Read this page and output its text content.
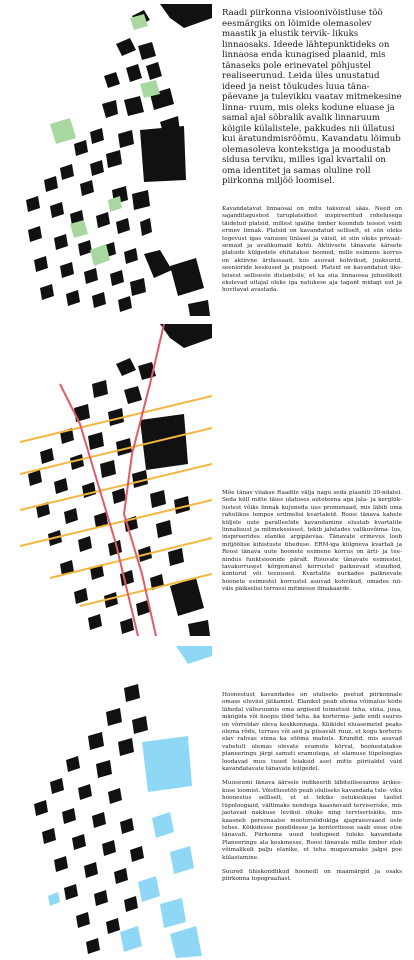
Raadi piirkonna visioonivõistluse töö eesmärgiks on lõimide olemasolev maastik ja elustik tervik- likuks linnaosaks. Ideede lähtepunktideks on linnaosa enda kunagised plaanid, mis tänaseks pole erinevatel põhjustel realiseerunud. Leida üles unustatud ideed ja neist tõukudes luua täna- päevane ja tulevikku vaatav mitmekesine linna- ruum, mis oleks kodune eluase ja samal ajal sõbralik avalik linnaruum kõigile külalistele, pakkudes nii üllatusi kui äratundmisrõõmu. Kavandatu lõimub olemasoleva kontekstiga ja moodustab sidusa terviku, milles igal kvartalil on oma identitet ja samas oluline roll piirkonna miljöö loomisel.

Kavandatavat linnaosal on mitu taksuvat sääs. Need on sajanditagustest turuplatsidest inspireeritud rohelusega täidetud platsid, millest igaühe ümber koondub teisest veidi erinev linnak. Platsid on kavandatud selliselt, et siin oleks tegevust igas vanuses linlasel ja väisil, et siin oleks privaat- semaid ja avalikumaid kohti. Aktiivsete tänavate äärsete platside külgedele ehitatakse hooned, mille esimene korrus on aktiivne ärifassaad, kus asuvad kohvikud, juuksurid, seenioride keskused ja pisipoed. Platsid on kavandatud üks- teisest selliseste distantsile, et ka siia linnaossa juhuslikult ekslevad uitajal oleks iga natukese aja tagant midagi uut ja huvitavat avastada.

Mõe tänav viiakse Raadile välja nagu seda plaaniti 30-ndatel. Seda küll mitte täies ulatuses autoteena aga jala- ja kergliik- lustest võiks linnak kujuneda uus promenaad, mis läbib oma rahulikus tempos erilmelisi kvartaleid. Roosi tänava kahele küljele uute paralleelide kavandamine elustab kvartalite linnalisust ja mitmekesisust, tekib jalutades valikuvõima- lus, inspireerides elanike argipäevaa. Tänavate erinevus loob mitjöölise kihistuste tiheduse. ERM-iga külgneva kvartali ja Roosi tänava uute hoonete esimene korrus on ärti- ja tee- nindus funktsioonide päralt. Risuvate tänavate esimestel, tavakorrusest kõrgemanel korrustel paiknevad stuudiod, kontorid või teenused. Kvartalite nurkades paiknevate hoonete esimestel korrustel asuvad kohvikud, omades nii- väis päikselisi terrassi mitmesse ilmakaarde.

Hoonestust kavandades on oluliseks peetud piirkonnale omase eluviisi jätkamist. Elanikel peab olema võimalus kodu lähedal välisruumis oma argiseid toimetusi teha, süüa, juua, mängida või hoopis tööd teha. ka korterma- jade endi suurus on võrreldav oleva keskkonnaga. Köikidel eluasemetel peaks olema rõdu, terrass või aed ja piisavalt ruuz, et kogu korteris elav rahvas sinna ka sööma mahuls. Krundid, mis asuvad vahetult olemas olevate eramute körval, hoonestatakse planeeringu järgi samuti eramutega, et elamuse tüpoloogias loodavad muu tused leiaksid aset mitte piiriialdel vaid kavandatavate tänavate külgedel.

Muuseumi tänava äärsele indikeerib läbiteilisesanne ärikes- kuse loomist. Võistlusetöö peab oluliseks kavandada tule- viku hoonestus selliselt, et ei tekiks ostukeskuse taolist tüpoloogiaid, vältimaks nendega kaasnevaid terviseriske, mis jaotavad nakkuse levikut ohuks ning terviseriskiks, mis kaasneb personaalse mootorsõidukiga ajapraesvaaed oste tehes. Köikidesse poodidesse ja kontoritesse saab sisse otse tänavalt. Piirkonna uued toidupoed tuleks kavandada Planeeringu ala keskmesse, Roosi tänavale mille ümber elab võimalikult palju elanike, et teha mugavamaks jalgsi poe külastamine.

Suured ühiskondlikud hoonedl on maamärgid ja osaks piirkonna topograafiast.
